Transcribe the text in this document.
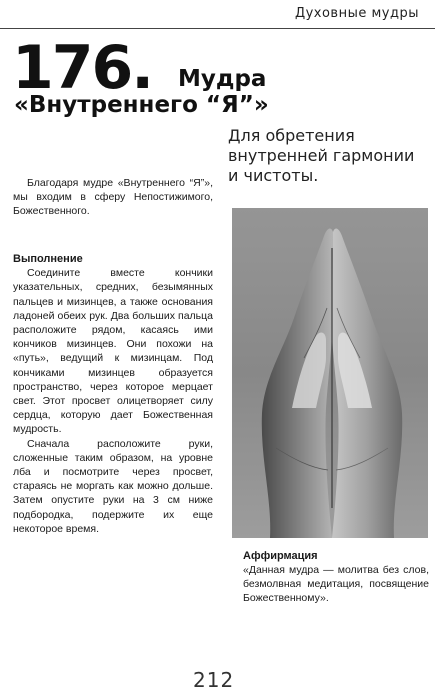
Духовные мудры
176. Мудра
«Внутреннего “Я”»
Для обретения внутренней гармонии и чистоты.

Благодаря мудре «Внутреннего “Я”», мы входим в сферу Непостижимого, Божественного.

Выполнение

Соедините вместе кончики указательных, средних, безымянных пальцев и мизинцев, а также основания ладоней обеих рук. Два больших пальца расположите рядом, касаясь ими кончиков мизинцев. Они похожи на «путь», ведущий к мизинцам. Под кончиками мизинцев образуется пространство, через которое мерцает свет. Этот просвет олицетворяет силу сердца, которую дает Божественная мудрость.

Сначала расположите руки, сложенные таким образом, на уровне лба и посмотрите через просвет, стараясь не моргать как можно дольше. Затем опустите руки на 3 см ниже подбородка, подержите их еще некоторое время.

Аффирмация

«Данная мудра — молитва без слов, безмолвная медитация, посвящение Божественному».

212
